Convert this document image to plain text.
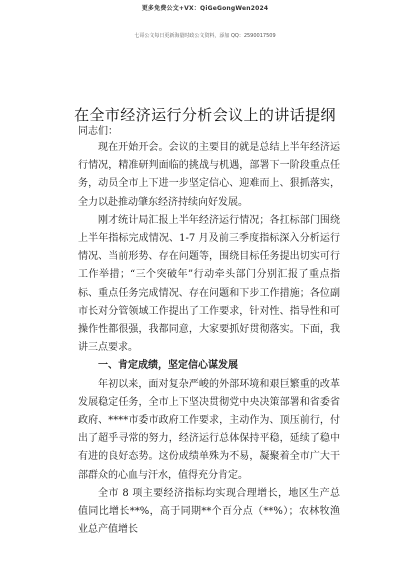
更多免费公文+VX：QiGeGongWen2024
七哥公文每日更新海量时政公文资料，添加 QQ：2590017509
在全市经济运行分析会议上的讲话提纲
同志们：

现在开始开会。会议的主要目的就是总结上半年经济运行情况，精准研判面临的挑战与机遇，部署下一阶段重点任务，动员全市上下进一步坚定信心、迎难而上、狠抓落实，全力以赴推动肇东经济持续向好发展。

刚才统计局汇报上半年经济运行情况；各扛标部门围绕上半年指标完成情况、1-7 月及前三季度指标深入分析运行情况、当前形势、存在问题等，围绕目标任务提出切实可行工作举措；“三个突破年”行动牵头部门分别汇报了重点指标、重点任务完成情况、存在问题和下步工作措施；各位副市长对分管领域工作提出了工作要求，针对性、指导性和可操作性都很强，我都同意，大家要抓好贯彻落实。下面，我讲三点要求。

一、肯定成绩，坚定信心谋发展

年初以来，面对复杂严峻的外部环境和艰巨繁重的改革发展稳定任务，全市上下坚决贯彻党中央决策部署和省委省政府、****市委市政府工作要求，主动作为、顶压前行，付出了超乎寻常的努力，经济运行总体保持平稳，延续了稳中有进的良好态势。这份成绩单殊为不易，凝聚着全市广大干部群众的心血与汗水，值得充分肯定。

全市 8 项主要经济指标均实现合理增长，地区生产总值同比增长**%，高于同期**个百分点（**%）；农林牧渔业总产值增长
